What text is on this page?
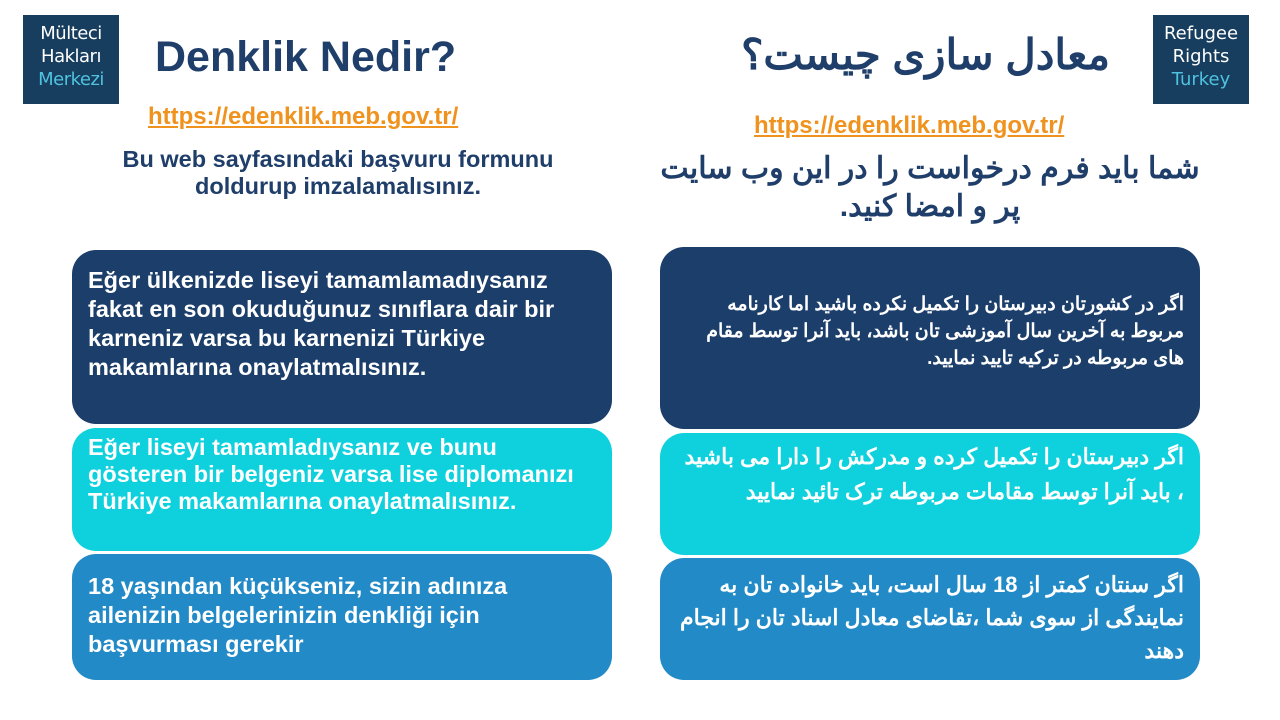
Mülteci
Hakları
Merkezi
Refugee
Rights
Turkey
Denklik Nedir?	معادل سازی چیست؟
https://edenklik.meb.gov.tr/	https://edenklik.meb.gov.tr/

Bu web sayfasındaki başvuru formunu doldurup imzalamalısınız.

شما باید فرم درخواست را در این وب سایت پر و امضا کنید.

Eğer ülkenizde liseyi tamamlamadıysanız fakat en son okuduğunuz sınıflara dair bir karneniz varsa bu karnenizi Türkiye makamlarına onaylatmalısınız.

Eğer liseyi tamamladıysanız ve bunu gösteren bir belgeniz varsa lise diplomanızı Türkiye makamlarına onaylatmalısınız.

18 yaşından küçükseniz, sizin adınıza ailenizin belgelerinizin denkliği için başvurması gerekir

اگر در کشورتان دبیرستان را تکمیل نکرده باشید اما کارنامه مربوط به آخرین سال آموزشی تان باشد، باید آنرا توسط مقام های مربوطه در ترکیه تایید نمایید.

اگر دبیرستان را تکمیل کرده و مدرکش را دارا می باشید ، باید آنرا توسط مقامات مربوطه ترک تائید نمایید

اگر سنتان کمتر از 18 سال است، باید خانواده تان به نمایندگی از سوی شما ،تقاضای معادل اسناد تان را انجام دهند
